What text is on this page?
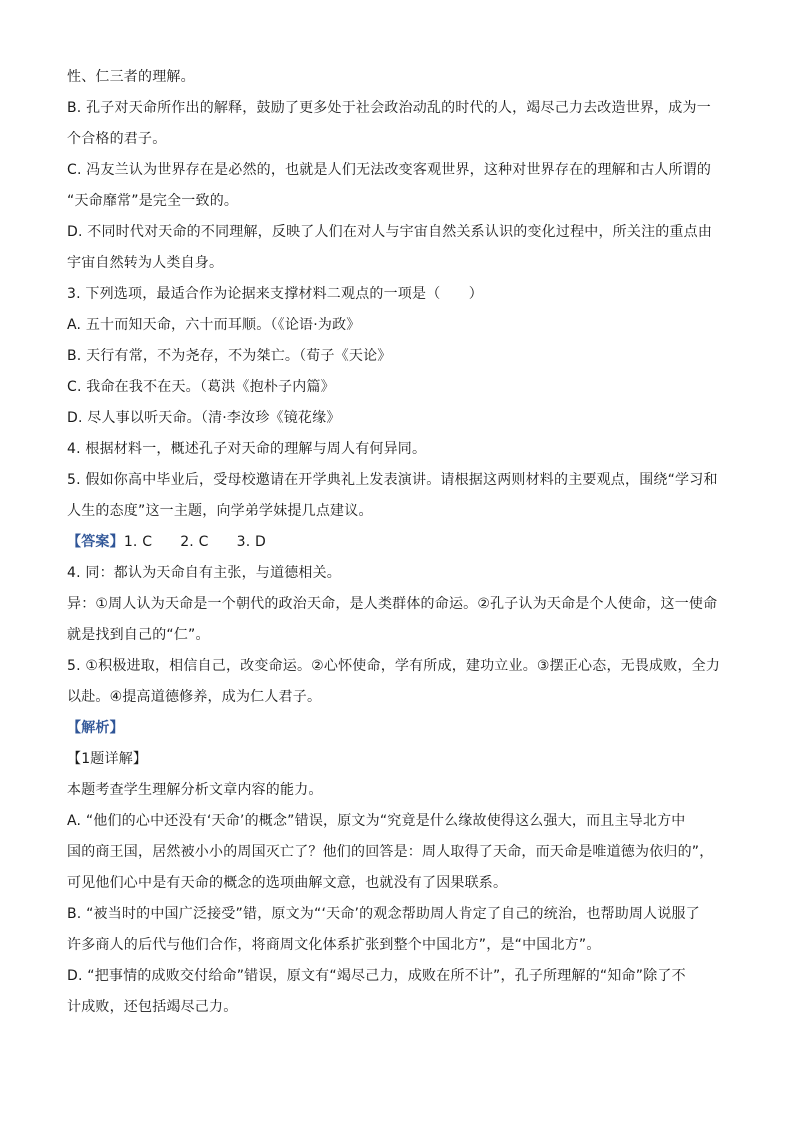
性、仁三者的理解。
B. 孔子对天命所作出的解释，鼓励了更多处于社会政治动乱的时代的人，竭尽己力去改造世界，成为一
个合格的君子。
C. 冯友兰认为世界存在是必然的，也就是人们无法改变客观世界，这种对世界存在的理解和古人所谓的
“天命靡常”是完全一致的。
D. 不同时代对天命的不同理解，反映了人们在对人与宇宙自然关系认识的变化过程中，所关注的重点由
宇宙自然转为人类自身。
3. 下列选项，最适合作为论据来支撑材料二观点的一项是（　　）
A. 五十而知天命，六十而耳顺。（《论语·为政》
B. 天行有常，不为尧存，不为桀亡。（荀子《天论》
C. 我命在我不在天。（葛洪《抱朴子内篇》
D. 尽人事以听天命。（清·李汝珍《镜花缘》
4. 根据材料一，概述孔子对天命的理解与周人有何异同。
5. 假如你高中毕业后，受母校邀请在开学典礼上发表演讲。请根据这两则材料的主要观点，围绕“学习和
人生的态度”这一主题，向学弟学妹提几点建议。
【答案】1. C 2. C 3. D
4. 同：都认为天命自有主张，与道德相关。
异：①周人认为天命是一个朝代的政治天命，是人类群体的命运。②孔子认为天命是个人使命，这一使命
就是找到自己的“仁”。
5. ①积极进取，相信自己，改变命运。②心怀使命，学有所成，建功立业。③摆正心态，无畏成败，全力
以赴。④提高道德修养，成为仁人君子。
【解析】
【1题详解】
本题考查学生理解分析文章内容的能力。
A. “他们的心中还没有‘天命’的概念”错误，原文为“究竟是什么缘故使得这么强大，而且主导北方中
国的商王国，居然被小小的周国灭亡了？他们的回答是：周人取得了天命，而天命是唯道德为依归的”，
可见他们心中是有天命的概念的选项曲解文意，也就没有了因果联系。
B. “被当时的中国广泛接受”错，原文为“‘天命’的观念帮助周人肯定了自己的统治，也帮助周人说服了
许多商人的后代与他们合作，将商周文化体系扩张到整个中国北方”，是“中国北方”。
D. “把事情的成败交付给命”错误，原文有“竭尽己力，成败在所不计”，孔子所理解的“知命”除了不
计成败，还包括竭尽己力。
